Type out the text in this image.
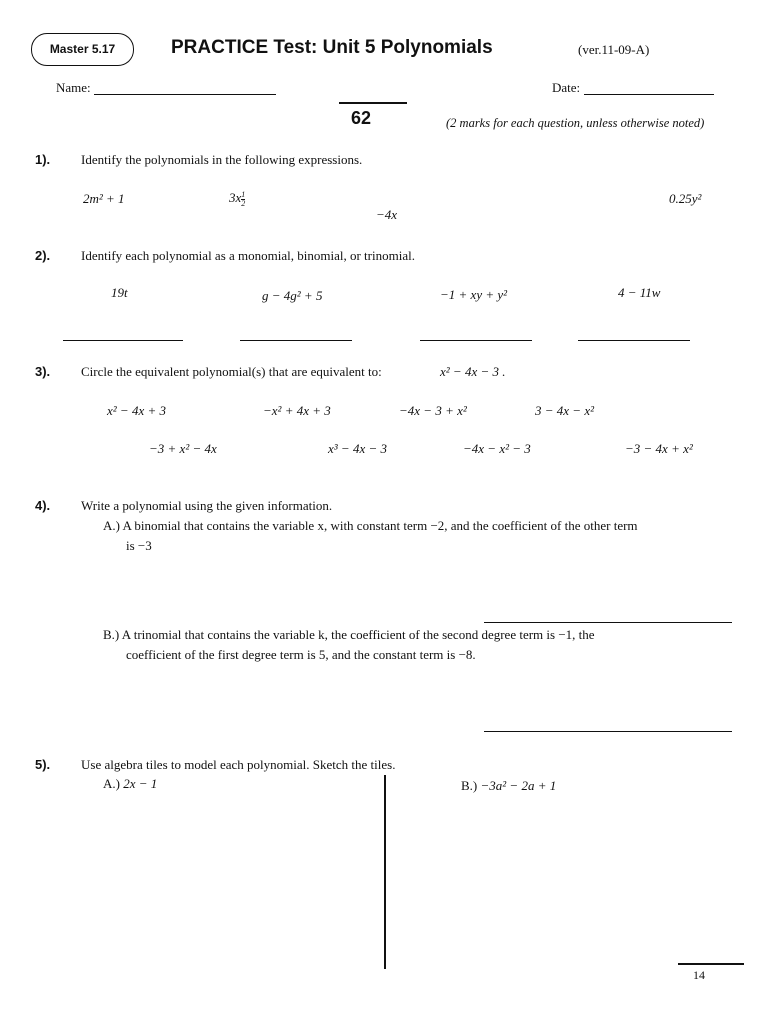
Master 5.17	PRACTICE Test: Unit 5 Polynomials	(ver.11-09-A)
Name:	Date:
62	(2 marks for each question, unless otherwise noted)
1). Identify the polynomials in the following expressions.
2m² + 1	$3x \frac{1}{2}$
−4x
0.25y²
2). Identify each polynomial as a monomial, binomial, or trinomial.
19t	g − 4g² + 5	−1 + xy + y²	4 − 11w
3). Circle the equivalent polynomial(s) that are equivalent to:	x² − 4x − 3 .
x² − 4x + 3	−x² + 4x + 3	−4x − 3 + x²	3 − 4x − x²
−3 + x² − 4x	x³ − 4x − 3	−4x − x² − 3	−3 − 4x + x²
4). Write a polynomial using the given information.
A.) A binomial that contains the variable x, with constant term −2, and the coefficient of the other term
is −3
B.) A trinomial that contains the variable k, the coefficient of the second degree term is −1, the
coefficient of the first degree term is 5, and the constant term is −8.
5). Use algebra tiles to model each polynomial. Sketch the tiles.
A.) 2x − 1	B.) −3a² − 2a + 1
14
